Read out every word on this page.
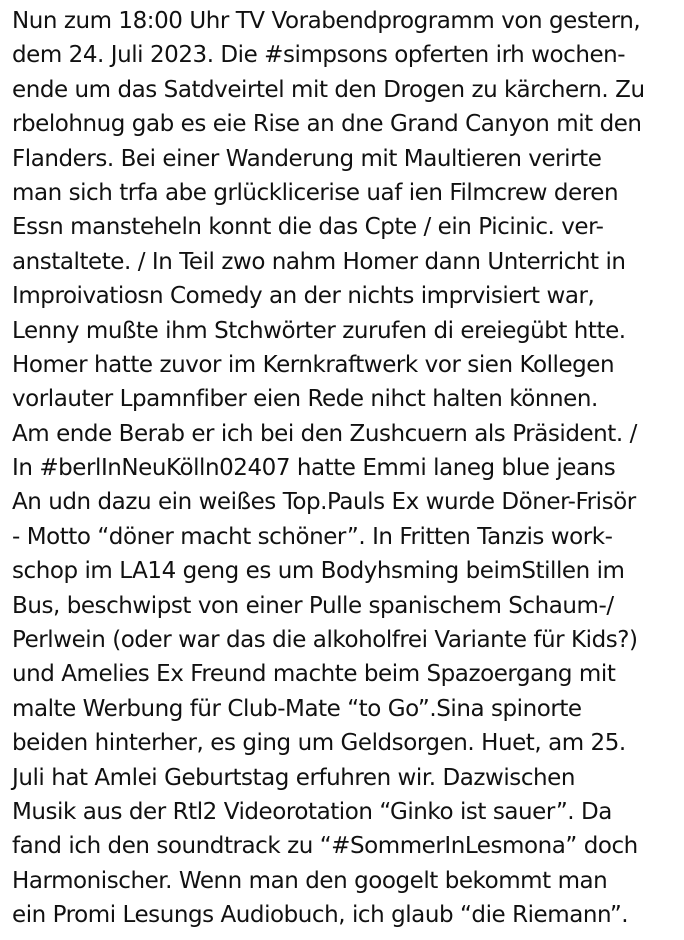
Nun zum 18:00 Uhr TV Vorabendprogramm von gestern,
dem 24. Juli 2023. Die #simpsons opferten irh wochen-
ende um das Satdveirtel mit den Drogen zu kärchern. Zu
rbelohnug gab es eie Rise an dne Grand Canyon mit den
Flanders. Bei einer Wanderung mit Maultieren verirte
man sich trfa abe grlücklicerise uaf ien Filmcrew deren
Essn mansteheln konnt die das Cpte / ein Picinic. ver-
anstaltete. / In Teil zwo nahm Homer dann Unterricht in
Improivatiosn Comedy an der nichts imprvisiert war,
Lenny mußte ihm Stchwörter zurufen di ereiegübt htte.
Homer hatte zuvor im Kernkraftwerk vor sien Kollegen
vorlauter Lpamnfiber eien Rede nihct halten können.
Am ende Berab er ich bei den Zushcuern als Präsident. /
In #berlInNeuKölln02407 hatte Emmi laneg blue jeans
An udn dazu ein weißes Top.Pauls Ex wurde Döner-Frisör
- Motto “döner macht schöner”. In Fritten Tanzis work-
schop im LA14 geng es um Bodyhsming beimStillen im
Bus, beschwipst von einer Pulle spanischem Schaum-/
Perlwein (oder war das die alkoholfrei Variante für Kids?)
und Amelies Ex Freund machte beim Spazoergang mit
malte Werbung für Club-Mate “to Go”.Sina spinorte
beiden hinterher, es ging um Geldsorgen. Huet, am 25.
Juli hat Amlei Geburtstag erfuhren wir. Dazwischen
Musik aus der Rtl2 Videorotation “Ginko ist sauer”. Da
fand ich den soundtrack zu “#SommerInLesmona” doch
Harmonischer. Wenn man den googelt bekommt man
ein Promi Lesungs Audiobuch, ich glaub “die Riemann”.
